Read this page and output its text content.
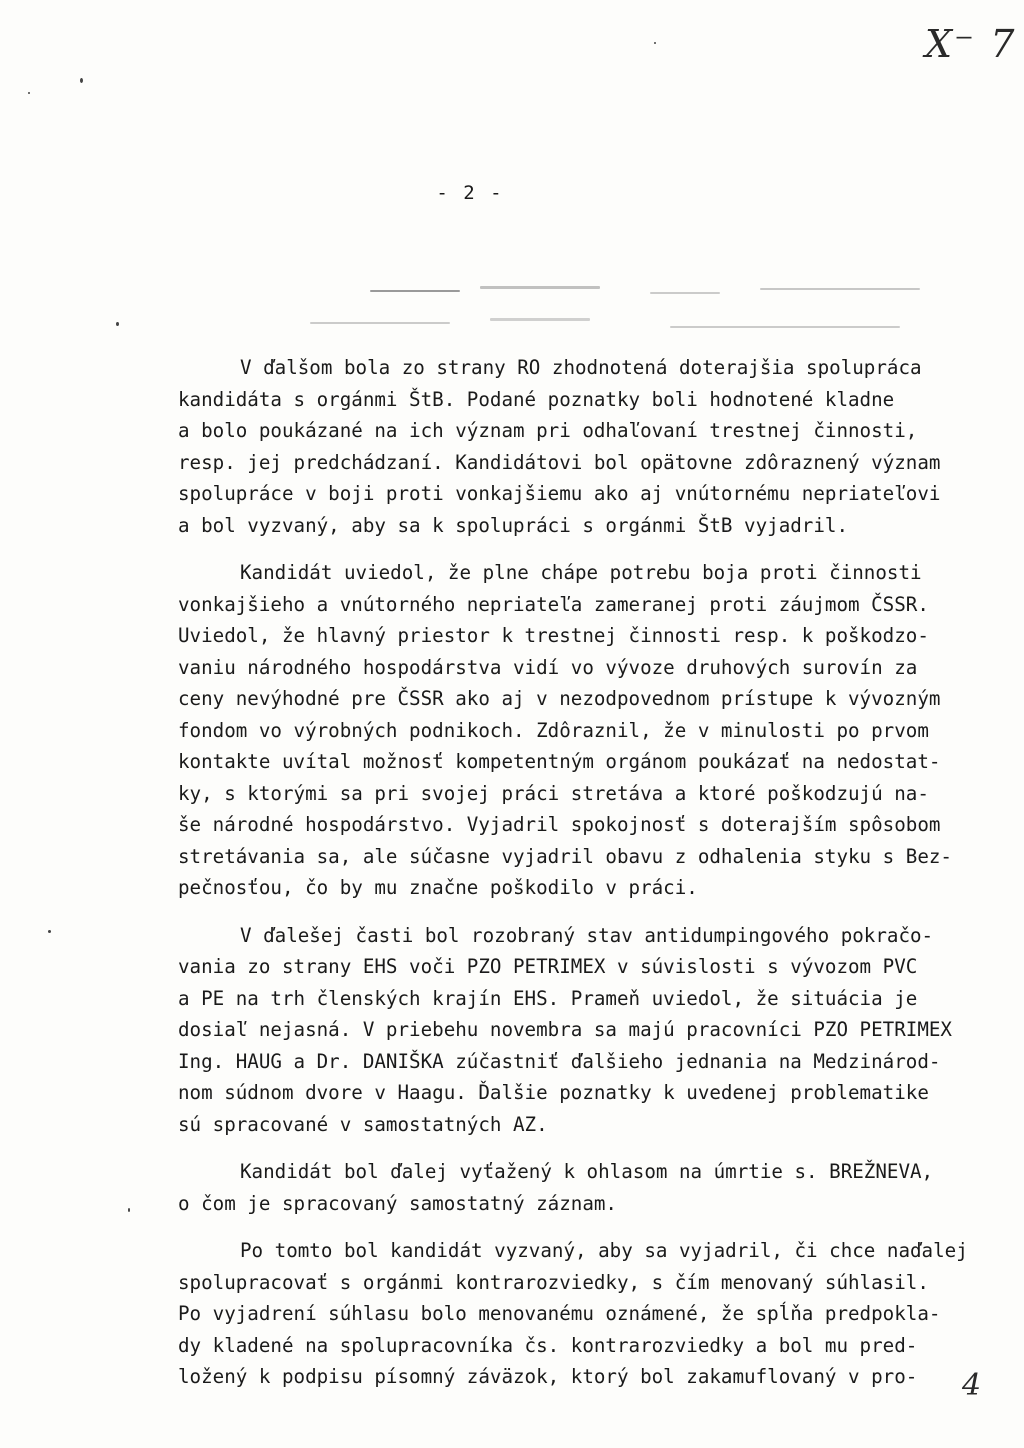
X⁻ 7
- 2 -
V ďalšom bola zo strany RO zhodnotená doterajšia spolupráca
kandidáta s orgánmi ŠtB. Podané poznatky boli hodnotené kladne
a bolo poukázané na ich význam pri odhaľovaní trestnej činnosti,
resp. jej predchádzaní. Kandidátovi bol opätovne zdôraznený význam
spolupráce v boji proti vonkajšiemu ako aj vnútornému nepriateľovi
a bol vyzvaný, aby sa k spolupráci s orgánmi ŠtB vyjadril.
Kandidát uviedol, že plne chápe potrebu boja proti činnosti
vonkajšieho a vnútorného nepriateľa zameranej proti záujmom ČSSR.
Uviedol, že hlavný priestor k trestnej činnosti resp. k poškodzo-
vaniu národného hospodárstva vidí vo vývoze druhových surovín za
ceny nevýhodné pre ČSSR ako aj v nezodpovednom prístupe k vývozným
fondom vo výrobných podnikoch. Zdôraznil, že v minulosti po prvom
kontakte uvítal možnosť kompetentným orgánom poukázať na nedostat-
ky, s ktorými sa pri svojej práci stretáva a ktoré poškodzujú na-
še národné hospodárstvo. Vyjadril spokojnosť s doterajším spôsobom
stretávania sa, ale súčasne vyjadril obavu z odhalenia styku s Bez-
pečnosťou, čo by mu značne poškodilo v práci.
V ďalešej časti bol rozobraný stav antidumpingového pokračo-
vania zo strany EHS voči PZO PETRIMEX v súvislosti s vývozom PVC
a PE na trh členských krajín EHS. Prameň uviedol, že situácia je
dosiaľ nejasná. V priebehu novembra sa majú pracovníci PZO PETRIMEX
Ing. HAUG a Dr. DANIŠKA zúčastniť ďalšieho jednania na Medzinárod-
nom súdnom dvore v Haagu. Ďalšie poznatky k uvedenej problematike
sú spracované v samostatných AZ.
Kandidát bol ďalej vyťažený k ohlasom na úmrtie s. BREŽNEVA,
o čom je spracovaný samostatný záznam.
Po tomto bol kandidát vyzvaný, aby sa vyjadril, či chce naďalej
spolupracovať s orgánmi kontrarozviedky, s čím menovaný súhlasil.
Po vyjadrení súhlasu bolo menovanému oznámené, že spĺňa predpokla-
dy kladené na spolupracovníka čs. kontrarozviedky a bol mu pred-
ložený k podpisu písomný záväzok, ktorý bol zakamuflovaný v pro-	4
